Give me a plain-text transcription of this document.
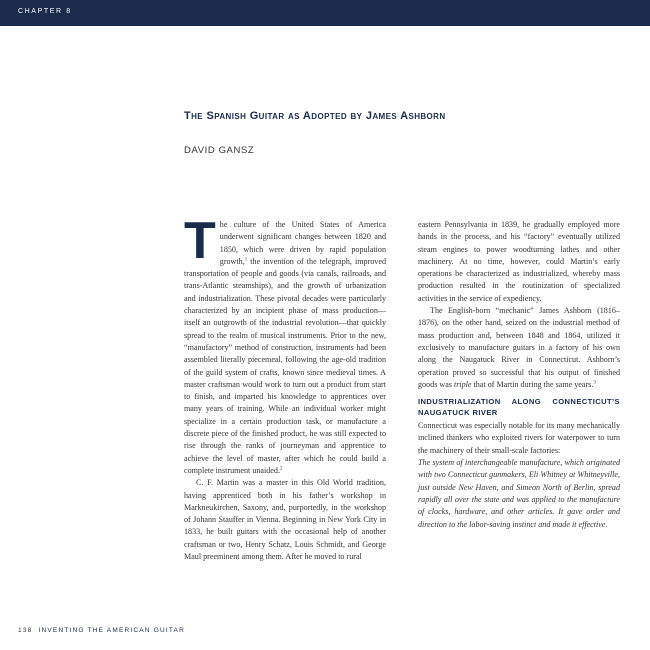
CHAPTER 8
The Spanish Guitar as Adopted by James Ashborn
DAVID GANSZ

The culture of the United States of America underwent significant changes between 1820 and 1850, which were driven by rapid population growth,$^1$ the invention of the telegraph, improved transportation of people and goods (via canals, railroads, and trans-Atlantic steamships), and the growth of urbanization and industrialization. These pivotal decades were particularly characterized by an incipient phase of mass production—itself an outgrowth of the industrial revolution—that quickly spread to the realm of musical instruments. Prior to the new, “manufactory” method of construction, instruments had been assembled literally piecemeal, following the age-old tradition of the guild system of crafts, known since medieval times. A master craftsman would work to turn out a product from start to finish, and imparted his knowledge to apprentices over many years of training. While an individual worker might specialize in a certain production task, or manufacture a discrete piece of the finished product, he was still expected to rise through the ranks of journeyman and apprentice to achieve the level of master, after which he could build a complete instrument unaided.$^2$

C. F. Martin was a master in this Old World tradition, having apprenticed both in his father’s workshop in Markneukirchen, Saxony, and, purportedly, in the workshop of Johann Stauffer in Vienna. Beginning in New York City in 1833, he built guitars with the occasional help of another craftsman or two, Henry Schatz, Louis Schmidt, and George Maul preeminent among them. After he moved to rural

eastern Pennsylvania in 1839, he gradually employed more hands in the process, and his “factory” eventually utilized steam engines to power woodturning lathes and other machinery. At no time, however, could Martin’s early operations be characterized as industrialized, whereby mass production resulted in the routinization of specialized activities in the service of expediency.

The English-born “mechanic” James Ashborn (1816–1876), on the other hand, seized on the industrial method of mass production and, between 1848 and 1864, utilized it exclusively to manufacture guitars in a factory of his own along the Naugatuck River in Connecticut. Ashborn’s operation proved so successful that his output of finished goods was triple that of Martin during the same years.$^3$

INDUSTRIALIZATION ALONG CONNECTICUT’S NAUGATUCK RIVER

Connecticut was especially notable for its many mechanically inclined thinkers who exploited rivers for waterpower to turn the machinery of their small-scale factories:

The system of interchangeable manufacture, which originated with two Connecticut gunmakers, Eli Whitney at Whitneyville, just outside New Haven, and Simeon North of Berlin, spread rapidly all over the state and was applied to the manufacture of clocks, hardware, and other articles. It gave order and direction to the labor-saving instinct and made it effective.

138 INVENTING THE AMERICAN GUITAR
